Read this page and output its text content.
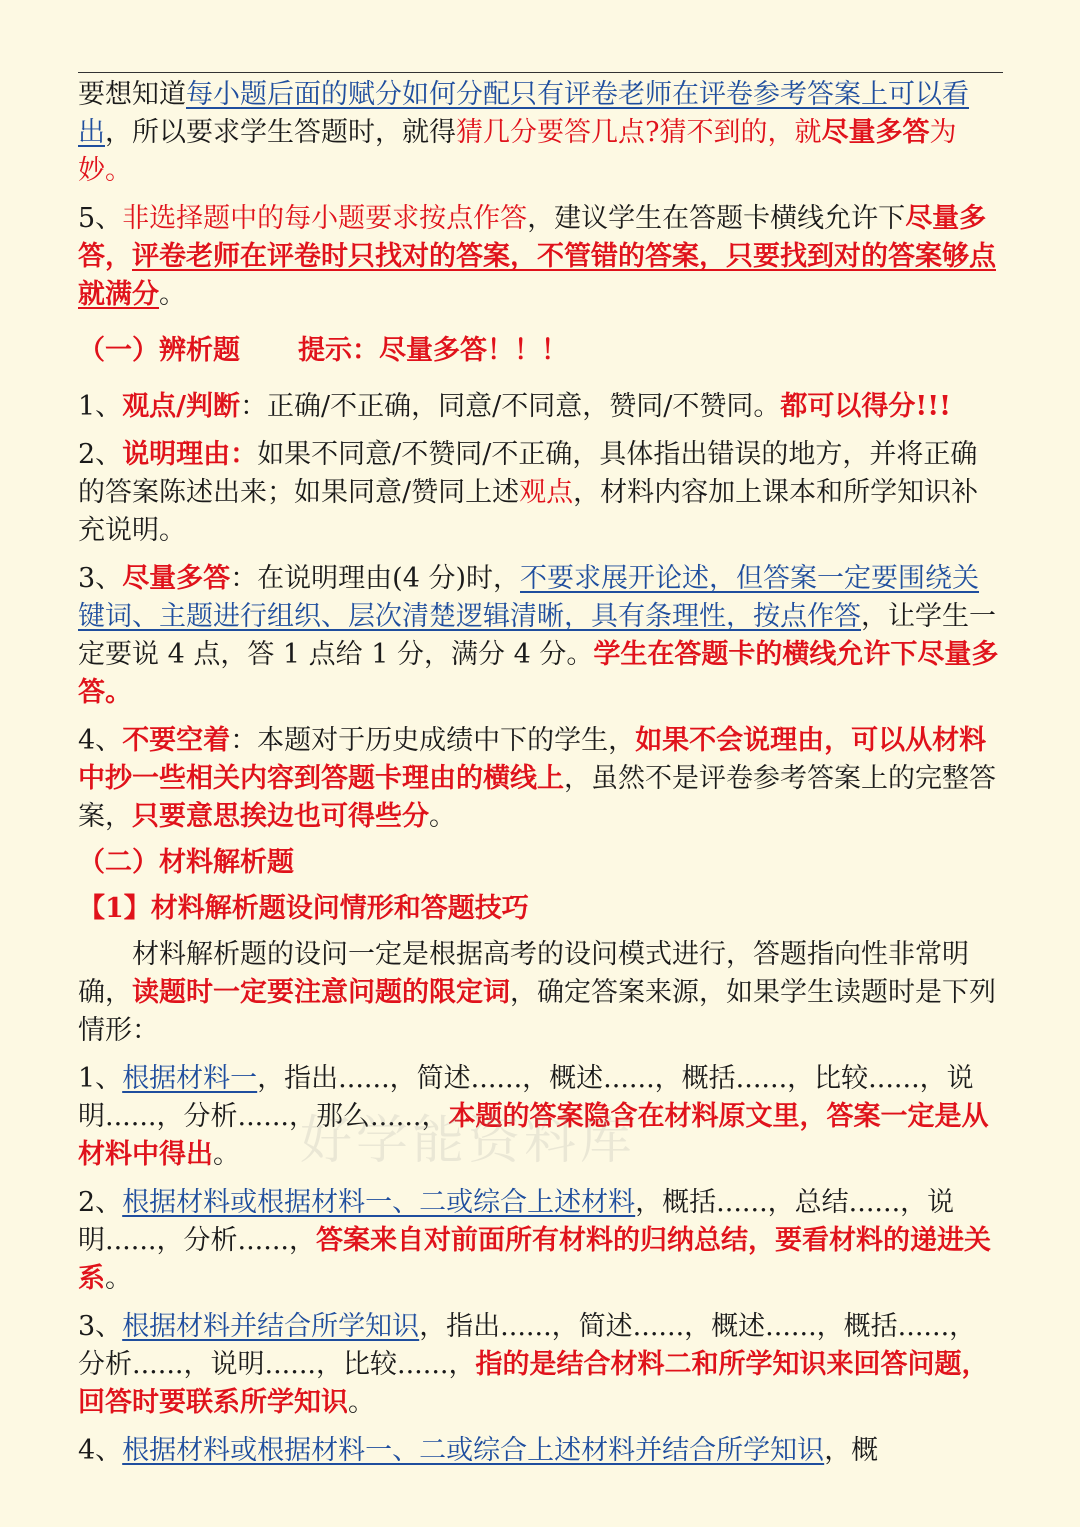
要想知道每小题后面的赋分如何分配只有评卷老师在评卷参考答案上可以看出，所以要求学生答题时，就得猜几分要答几点?猜不到的，就尽量多答为妙。

5、非选择题中的每小题要求按点作答，建议学生在答题卡横线允许下尽量多答，评卷老师在评卷时只找对的答案，不管错的答案，只要找到对的答案够点就满分。

（一）辨析题 提示：尽量多答！！！

1、观点/判断：正确/不正确，同意/不同意，赞同/不赞同。都可以得分!!!

2、说明理由：如果不同意/不赞同/不正确，具体指出错误的地方，并将正确的答案陈述出来；如果同意/赞同上述观点，材料内容加上课本和所学知识补充说明。

3、尽量多答：在说明理由(4 分)时，不要求展开论述，但答案一定要围绕关键词、主题进行组织、层次清楚逻辑清晰，具有条理性，按点作答，让学生一定要说 4 点，答 1 点给 1 分，满分 4 分。学生在答题卡的横线允许下尽量多答。

4、不要空着：本题对于历史成绩中下的学生，如果不会说理由，可以从材料中抄一些相关内容到答题卡理由的横线上，虽然不是评卷参考答案上的完整答案，只要意思挨边也可得些分。

（二）材料解析题

【1】材料解析题设问情形和答题技巧

材料解析题的设问一定是根据高考的设问模式进行，答题指向性非常明确，读题时一定要注意问题的限定词，确定答案来源，如果学生读题时是下列情形：

1、根据材料一，指出......，简述......，概述......，概括......，比较......，说明......，分析......，那么......，本题的答案隐含在材料原文里，答案一定是从材料中得出。

2、根据材料或根据材料一、二或综合上述材料，概括......，总结......，说明......，分析......，答案来自对前面所有材料的归纳总结，要看材料的递进关系。

3、根据材料并结合所学知识，指出......，简述......，概述......，概括......，分析......，说明......，比较......，指的是结合材料二和所学知识来回答问题，回答时要联系所学知识。

4、根据材料或根据材料一、二或综合上述材料并结合所学知识，概

好学能资料库
